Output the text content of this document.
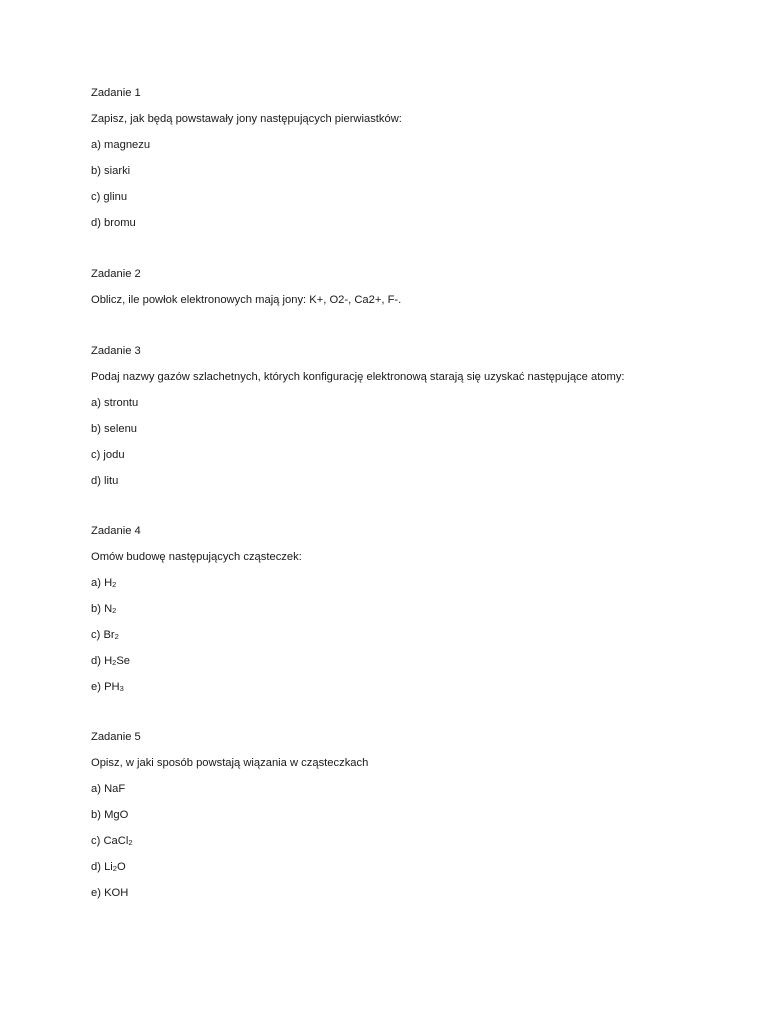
Zadanie 1
Zapisz, jak będą powstawały jony następujących pierwiastków:
a) magnezu
b) siarki
c) glinu
d) bromu
Zadanie 2
Oblicz, ile powłok elektronowych mają jony: K+, O2-, Ca2+, F-.
Zadanie 3
Podaj nazwy gazów szlachetnych, których konfigurację elektronową starają się uzyskać następujące atomy:
a) strontu
b) selenu
c) jodu
d) litu
Zadanie 4
Omów budowę następujących cząsteczek:
a) $H_2$
b) $N_2$
c) $Br_2$
d) $H_2Se$
e) $PH_3$
Zadanie 5
Opisz, w jaki sposób powstają wiązania w cząsteczkach
a) NaF
b) MgO
c) CaCl$_2$
d) $Li_2O$
e) KOH
